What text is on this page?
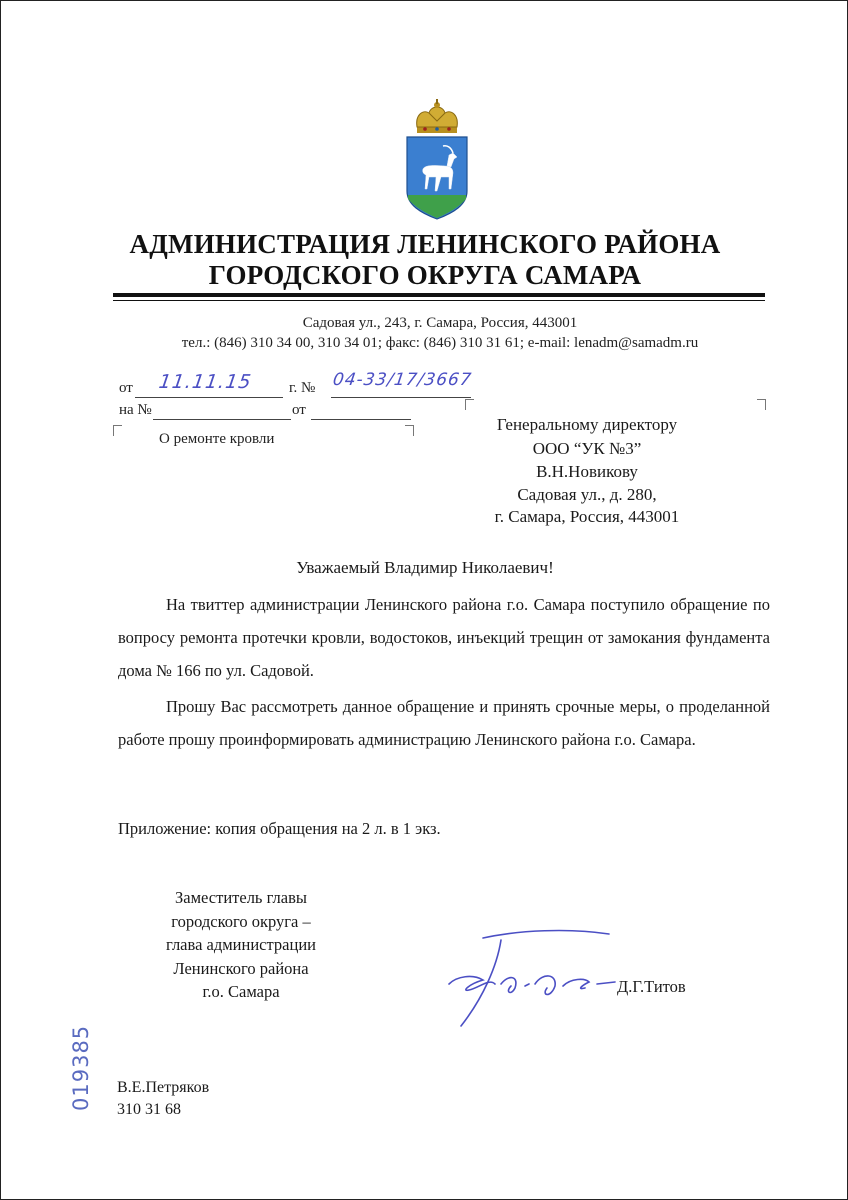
АДМИНИСТРАЦИЯ ЛЕНИНСКОГО РАЙОНА
ГОРОДСКОГО ОКРУГА САМАРА
Садовая ул., 243, г. Самара, Россия, 443001
тел.: (846) 310 34 00, 310 34 01; факс: (846) 310 31 61; e-mail: lenadm@samadm.ru
от 11.11.15 г. № 04-33/17/3667
на №	от
О ремонте кровли
Генеральному директору
ООО “УК №3”
В.Н.Новикову
Садовая ул., д. 280,
г. Самара, Россия, 443001
Уважаемый Владимир Николаевич!
На твиттер администрации Ленинского района г.о. Самара поступило обращение по вопросу ремонта протечки кровли, водостоков, инъекций трещин от замокания фундамента дома № 166 по ул. Садовой.
Прошу Вас рассмотреть данное обращение и принять срочные меры, о проделанной работе прошу проинформировать администрацию Ленинского района г.о. Самара.
Приложение: копия обращения на 2 л. в 1 экз.
Заместитель главы
городского округа –
глава администрации
Ленинского района
г.о. Самара	Д.Г.Титов
019385 В.Е.Петряков
310 31 68
